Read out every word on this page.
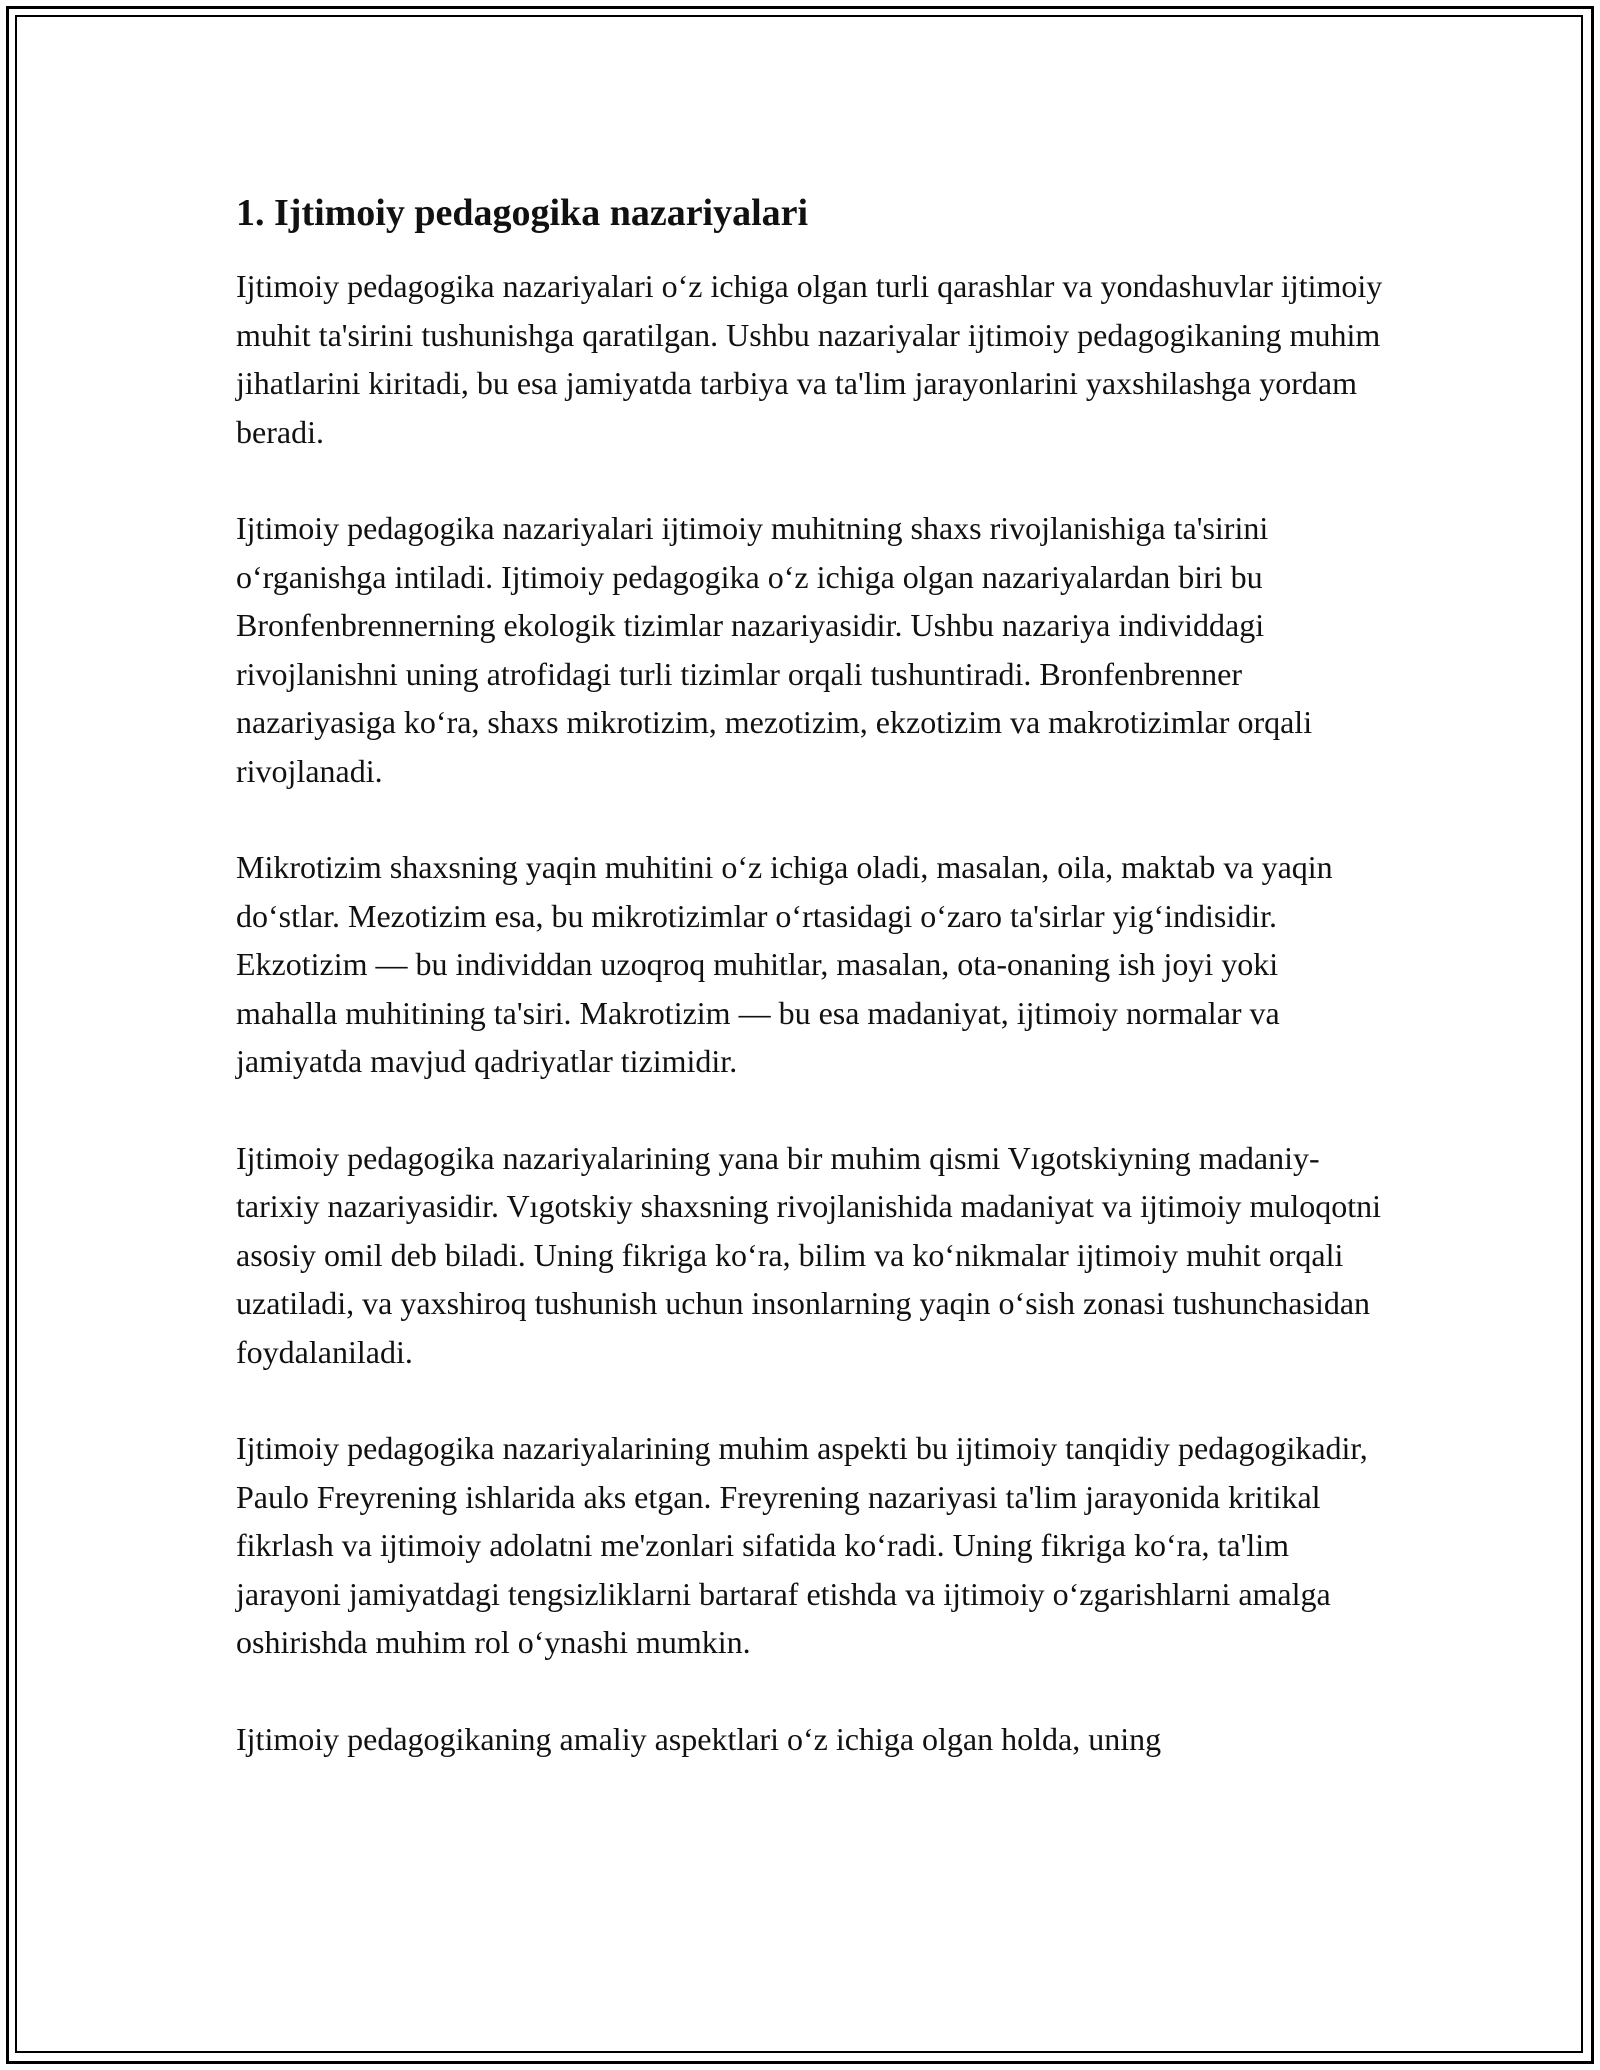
1. Ijtimoiy pedagogika nazariyalari

Ijtimoiy pedagogika nazariyalari o‘z ichiga olgan turli qarashlar va yondashuvlar ijtimoiy muhit ta'sirini tushunishga qaratilgan. Ushbu nazariyalar ijtimoiy pedagogikaning muhim jihatlarini kiritadi, bu esa jamiyatda tarbiya va ta'lim jarayonlarini yaxshilashga yordam beradi.

Ijtimoiy pedagogika nazariyalari ijtimoiy muhitning shaxs rivojlanishiga ta'sirini o‘rganishga intiladi. Ijtimoiy pedagogika o‘z ichiga olgan nazariyalardan biri bu Bronfenbrennerning ekologik tizimlar nazariyasidir. Ushbu nazariya individdagi rivojlanishni uning atrofidagi turli tizimlar orqali tushuntiradi. Bronfenbrenner nazariyasiga ko‘ra, shaxs mikrotizim, mezotizim, ekzotizim va makrotizimlar orqali rivojlanadi.

Mikrotizim shaxsning yaqin muhitini o‘z ichiga oladi, masalan, oila, maktab va yaqin do‘stlar. Mezotizim esa, bu mikrotizimlar o‘rtasidagi o‘zaro ta'sirlar yig‘indisidir. Ekzotizim — bu individdan uzoqroq muhitlar, masalan, ota-onaning ish joyi yoki mahalla muhitining ta'siri. Makrotizim — bu esa madaniyat, ijtimoiy normalar va jamiyatda mavjud qadriyatlar tizimidir.

Ijtimoiy pedagogika nazariyalarining yana bir muhim qismi Vıgotskiyning madaniy-tarixiy nazariyasidir. Vıgotskiy shaxsning rivojlanishida madaniyat va ijtimoiy muloqotni asosiy omil deb biladi. Uning fikriga ko‘ra, bilim va ko‘nikmalar ijtimoiy muhit orqali uzatiladi, va yaxshiroq tushunish uchun insonlarning yaqin o‘sish zonasi tushunchasidan foydalaniladi.

Ijtimoiy pedagogika nazariyalarining muhim aspekti bu ijtimoiy tanqidiy pedagogikadir, Paulo Freyrening ishlarida aks etgan. Freyrening nazariyasi ta'lim jarayonida kritikal fikrlash va ijtimoiy adolatni me'zonlari sifatida ko‘radi. Uning fikriga ko‘ra, ta'lim jarayoni jamiyatdagi tengsizliklarni bartaraf etishda va ijtimoiy o‘zgarishlarni amalga oshirishda muhim rol o‘ynashi mumkin.

Ijtimoiy pedagogikaning amaliy aspektlari o‘z ichiga olgan holda, uning
